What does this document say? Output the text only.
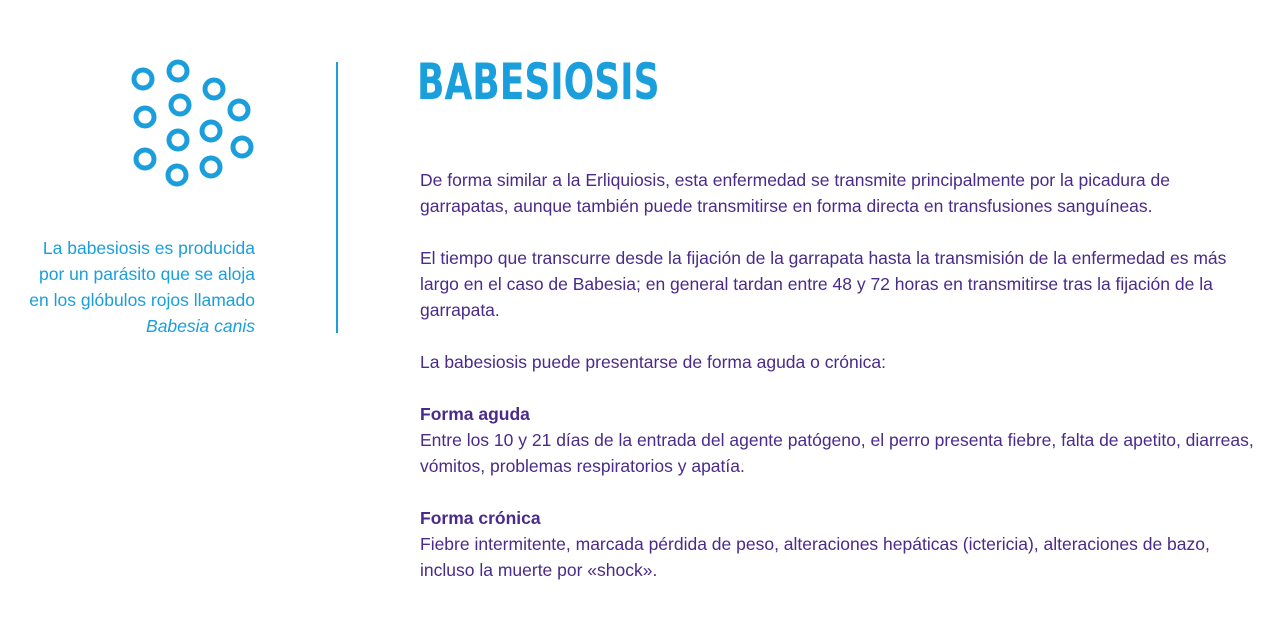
La babesiosis es producida
por un parásito que se aloja
en los glóbulos rojos llamado
Babesia canis
BABESIOSIS

De forma similar a la Erliquiosis, esta enfermedad se transmite principalmente por la picadura de garrapatas, aunque también puede transmitirse en forma directa en transfusiones sanguíneas.

El tiempo que transcurre desde la fijación de la garrapata hasta la transmisión de la enfermedad es más largo en el caso de Babesia; en general tardan entre 48 y 72 horas en transmitirse tras la fijación de la garrapata.

La babesiosis puede presentarse de forma aguda o crónica:

Forma aguda

Entre los 10 y 21 días de la entrada del agente patógeno, el perro presenta fiebre, falta de apetito, diarreas, vómitos, problemas respiratorios y apatía.

Forma crónica

Fiebre intermitente, marcada pérdida de peso, alteraciones hepáticas (ictericia), alteraciones de bazo, incluso la muerte por «shock».
